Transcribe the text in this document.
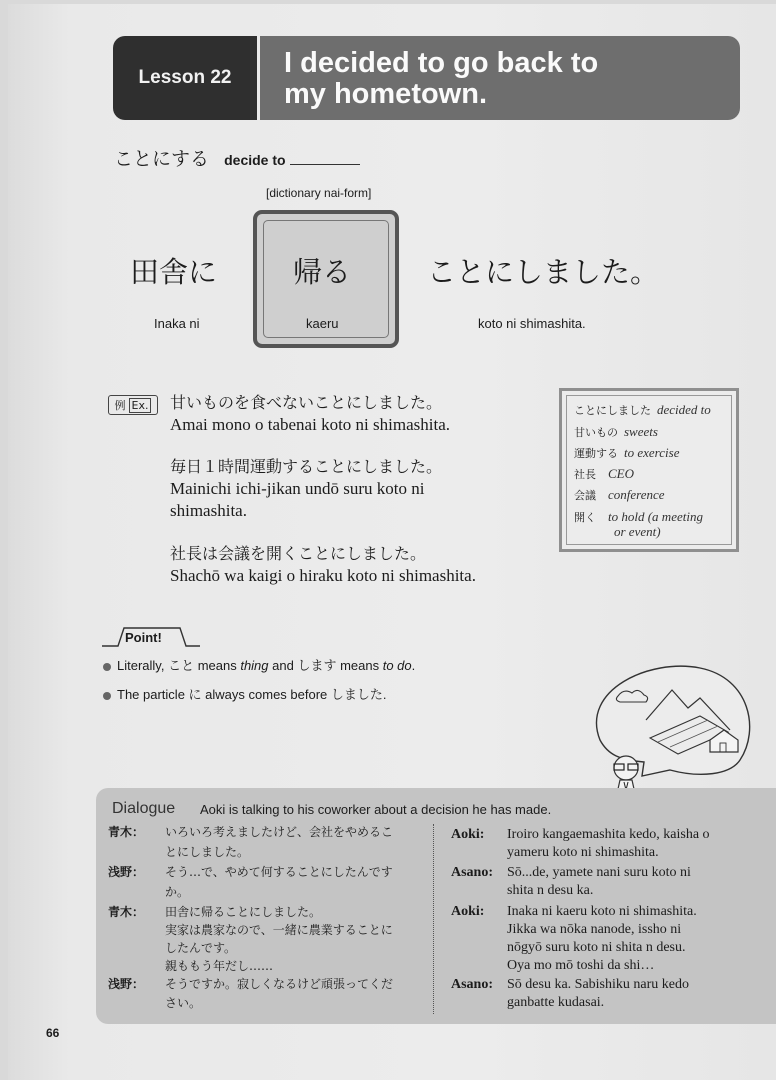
Lesson 22	I decided to go back to
my hometown.
ことにする decide to
[dictionary nai-form]
田舎に	帰る	ことにしました。
Inaka ni	kaeru	koto ni shimashita.
例 Ex. 甘いものを食べないことにしました。
Amai mono o tabenai koto ni shimashita.
毎日１時間運動することにしました。
Mainichi ichi-jikan undō suru koto ni
shimashita.
社長は会議を開くことにしました。
Shachō wa kaigi o hiraku koto ni shimashita.
ことにしました decided to
甘いもの sweets
運動する to exercise
社長 CEO
会議 conference
開く to hold (a meeting
or event)
Point!
Literally, こと means thing and します means to do.
The particle に always comes before しました.
Dialogue Aoki is talking to his coworker about a decision he has made.
青木： いろいろ考えましたけど、会社をやめるこ
とにしました。
浅野： そう…で、やめて何することにしたんです
か。
青木： 田舎に帰ることにしました。
実家は農家なので、一緒に農業することに
したんです。
親ももう年だし……
浅野： そうですか。寂しくなるけど頑張ってくだ
さい。
Aoki: Iroiro kangaemashita kedo, kaisha o
yameru koto ni shimashita.
Asano: Sō...de, yamete nani suru koto ni
shita n desu ka.
Aoki: Inaka ni kaeru koto ni shimashita.
Jikka wa nōka nanode, issho ni
nōgyō suru koto ni shita n desu.
Oya mo mō toshi da shi…
Asano: Sō desu ka. Sabishiku naru kedo
ganbatte kudasai.
66
